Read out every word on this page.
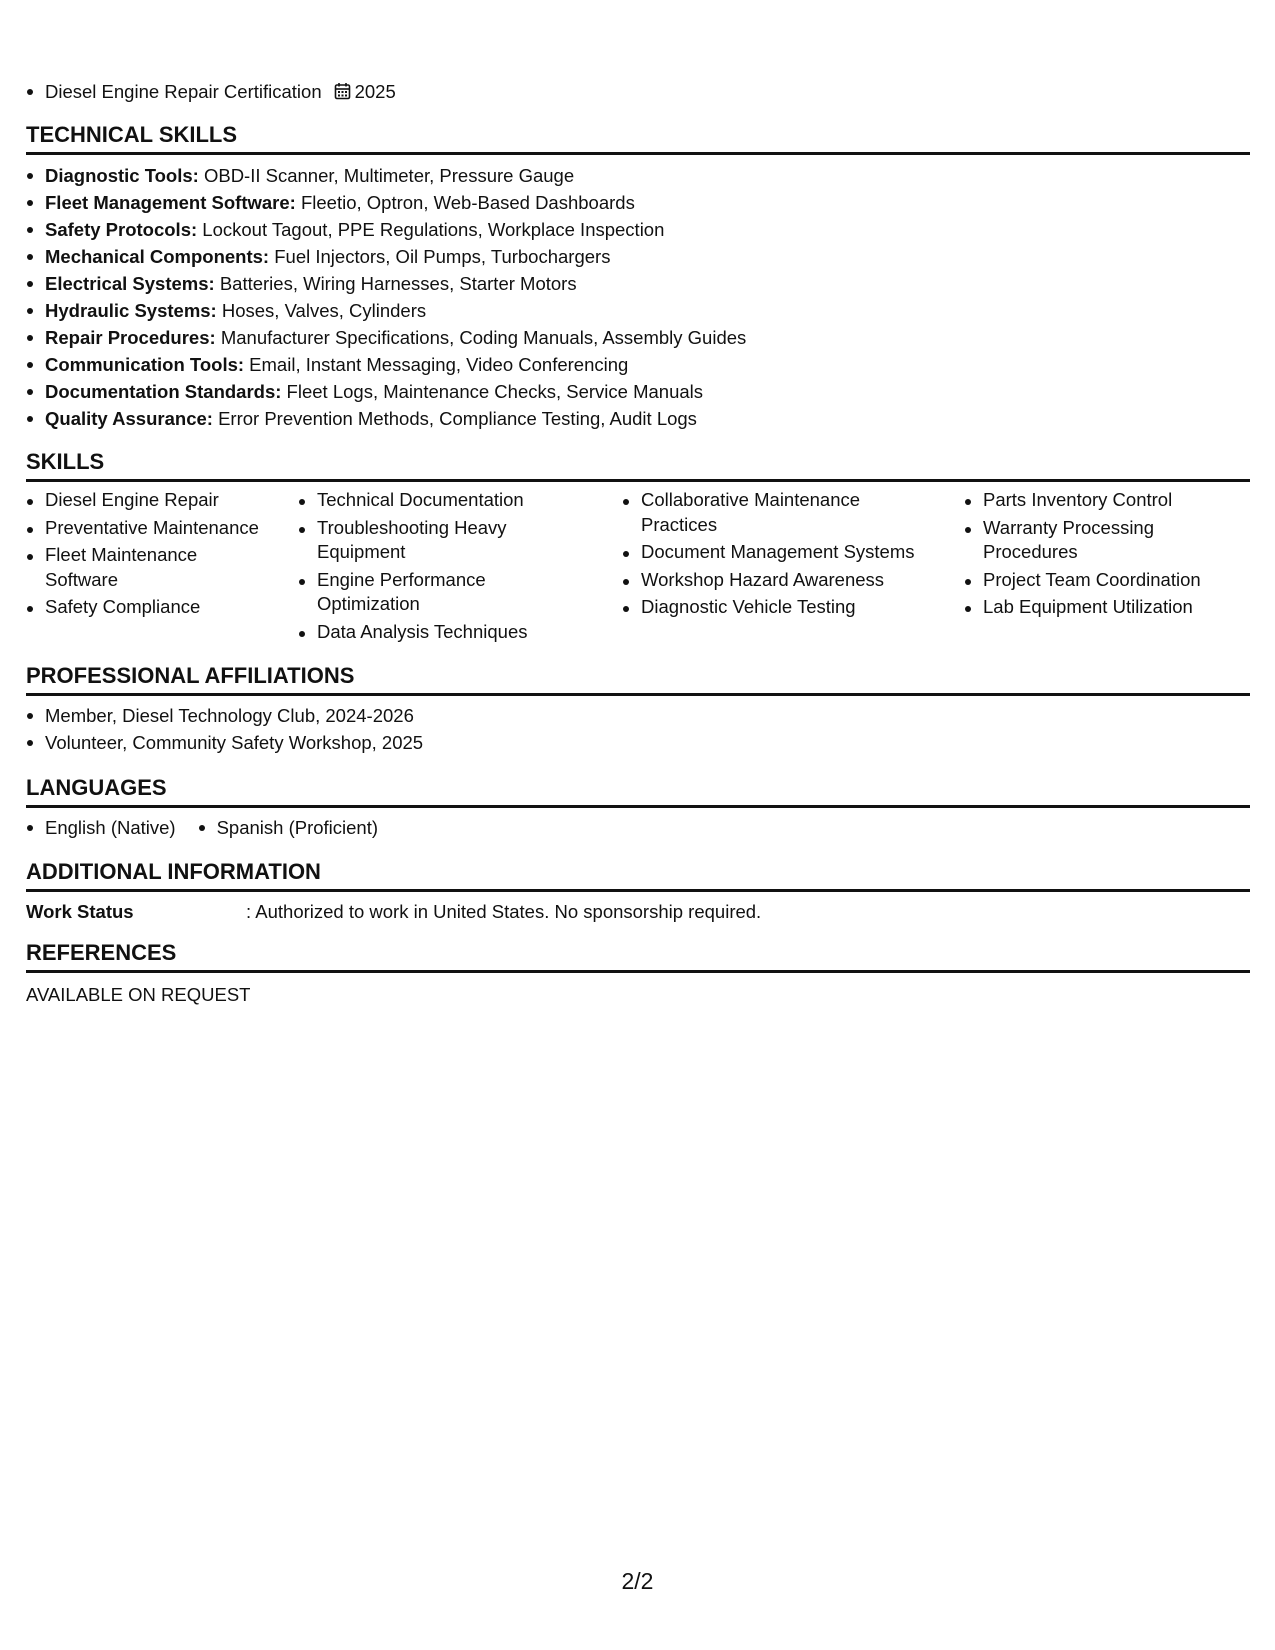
Diesel Engine Repair Certification 2025
TECHNICAL SKILLS
Diagnostic Tools: OBD-II Scanner, Multimeter, Pressure Gauge
Fleet Management Software: Fleetio, Optron, Web-Based Dashboards
Safety Protocols: Lockout Tagout, PPE Regulations, Workplace Inspection
Mechanical Components: Fuel Injectors, Oil Pumps, Turbochargers
Electrical Systems: Batteries, Wiring Harnesses, Starter Motors
Hydraulic Systems: Hoses, Valves, Cylinders
Repair Procedures: Manufacturer Specifications, Coding Manuals, Assembly Guides
Communication Tools: Email, Instant Messaging, Video Conferencing
Documentation Standards: Fleet Logs, Maintenance Checks, Service Manuals
Quality Assurance: Error Prevention Methods, Compliance Testing, Audit Logs
SKILLS
Diesel Engine Repair
Preventative Maintenance
Fleet Maintenance Software
Safety Compliance
Technical Documentation
Troubleshooting Heavy Equipment
Engine Performance Optimization
Data Analysis Techniques
Collaborative Maintenance Practices
Document Management Systems
Workshop Hazard Awareness
Diagnostic Vehicle Testing
Parts Inventory Control
Warranty Processing Procedures
Project Team Coordination
Lab Equipment Utilization
PROFESSIONAL AFFILIATIONS
Member, Diesel Technology Club, 2024-2026
Volunteer, Community Safety Workshop, 2025
LANGUAGES
English (Native) Spanish (Proficient)
ADDITIONAL INFORMATION
Work Status	: Authorized to work in United States. No sponsorship required.
REFERENCES
AVAILABLE ON REQUEST
2/2
